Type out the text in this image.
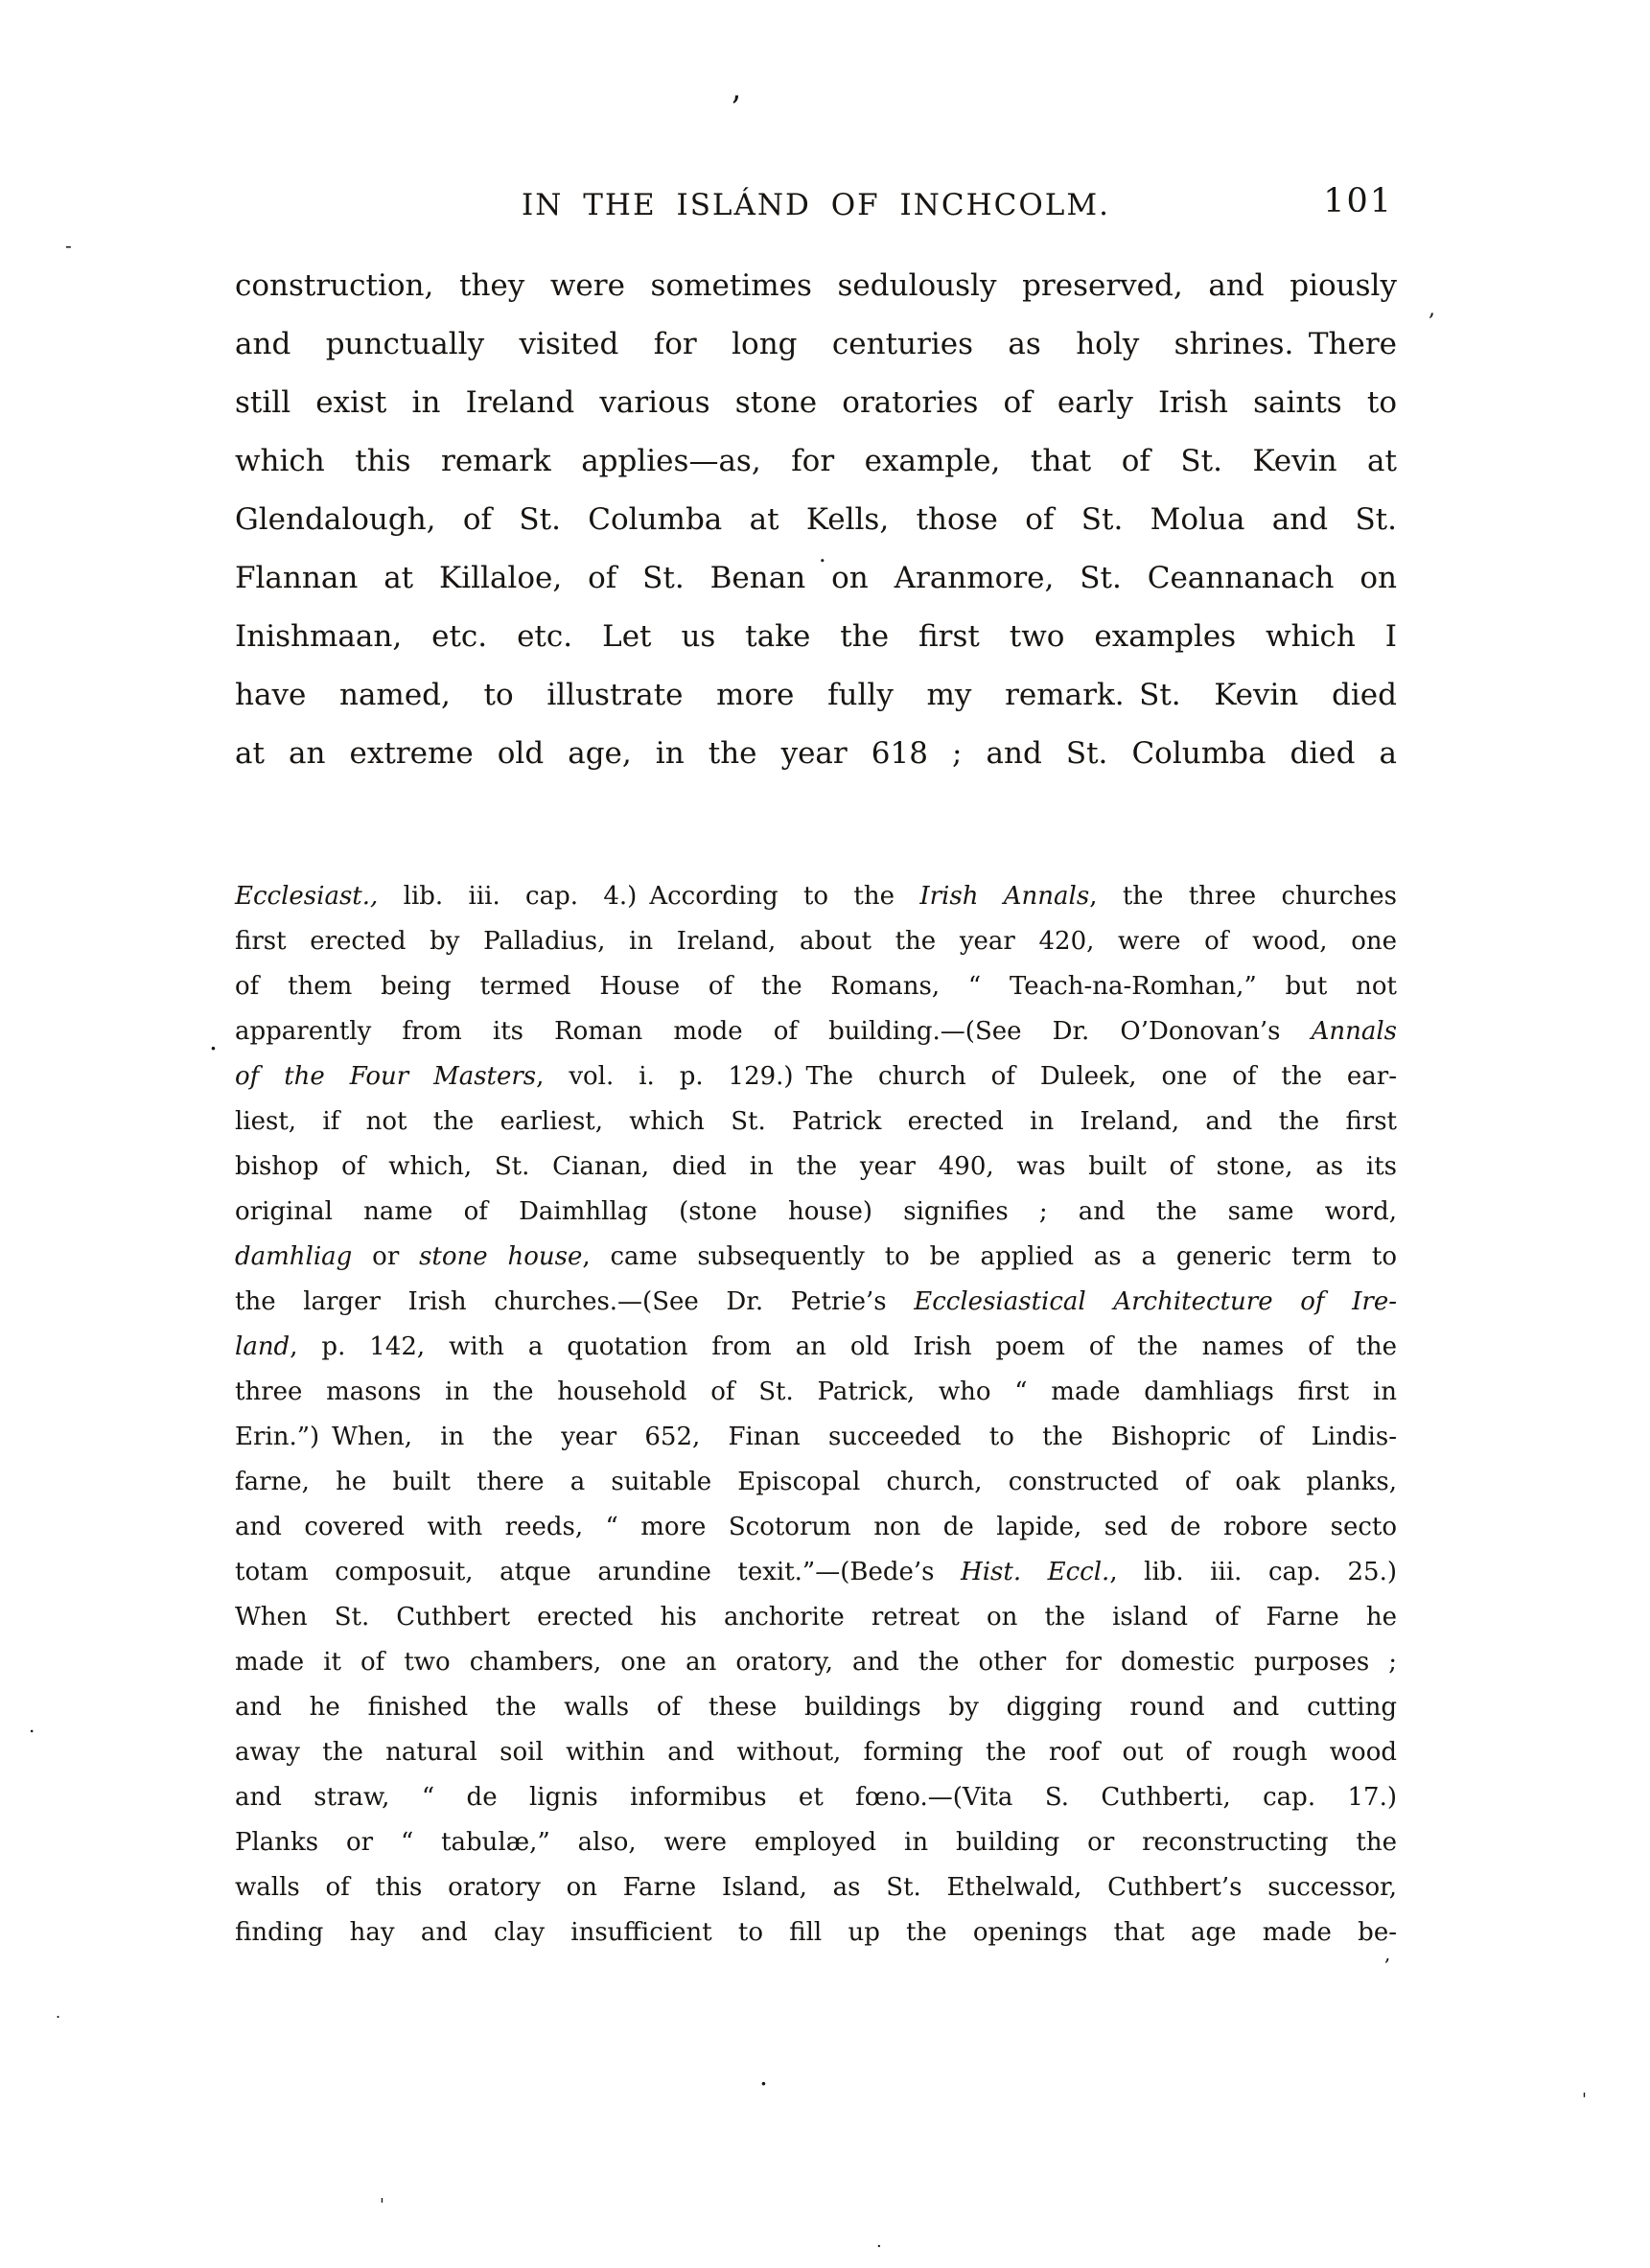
IN THE ISLÁND OF INCHCOLM.	101
construction, they were sometimes sedulously preserved, and piously
and punctually visited for long centuries as holy shrines. There
still exist in Ireland various stone oratories of early Irish saints to
which this remark applies—as, for example, that of St. Kevin at
Glendalough, of St. Columba at Kells, those of St. Molua and St.
Flannan at Killaloe, of St. Benan on Aranmore, St. Ceannanach on
Inishmaan, etc. etc.  Let us take the first two examples which I
have named, to illustrate more fully my remark. St. Kevin died
at an extreme old age, in the year 618 ; and St. Columba died a
Ecclesiast., lib. iii. cap. 4.) According to the Irish Annals, the three churches
first erected by Palladius, in Ireland, about the year 420, were of wood, one
of them being termed House of the Romans, “ Teach-na-Romhan,” but not
apparently from its Roman mode of building.—(See Dr. O’Donovan’s Annals
of the Four Masters, vol. i. p. 129.) The church of Duleek, one of the ear-
liest, if not the earliest, which St. Patrick erected in Ireland, and the first
bishop of which, St. Cianan, died in the year 490, was built of stone, as its
original name of Daimhllag (stone house) signifies ; and the same word,
damhliag or stone house, came subsequently to be applied as a generic term to
the larger Irish churches.—(See Dr. Petrie’s Ecclesiastical Architecture of Ire-
land, p. 142, with a quotation from an old Irish poem of the names of the
three masons in the household of St. Patrick, who “ made damhliags first in
Erin.”) When, in the year 652, Finan succeeded to the Bishopric of Lindis-
farne, he built there a suitable Episcopal church, constructed of oak planks,
and covered with reeds, “ more Scotorum non de lapide, sed de robore secto
totam composuit, atque arundine texit.”—(Bede’s Hist. Eccl., lib. iii. cap. 25.)
When St. Cuthbert erected his anchorite retreat on the island of Farne he
made it of two chambers, one an oratory, and the other for domestic purposes ;
and he finished the walls of these buildings by digging round and cutting
away the natural soil within and without, forming the roof out of rough wood
and straw, “ de lignis informibus et fœno.—(Vita S. Cuthberti, cap. 17.)
Planks or “ tabulæ,” also, were employed in building or reconstructing the
walls of this oratory on Farne Island, as St. Ethelwald, Cuthbert’s successor,
finding hay and clay insufficient to fill up the openings that age made be-
’
-
,
.
.
.
.
,
.
'
'
.
